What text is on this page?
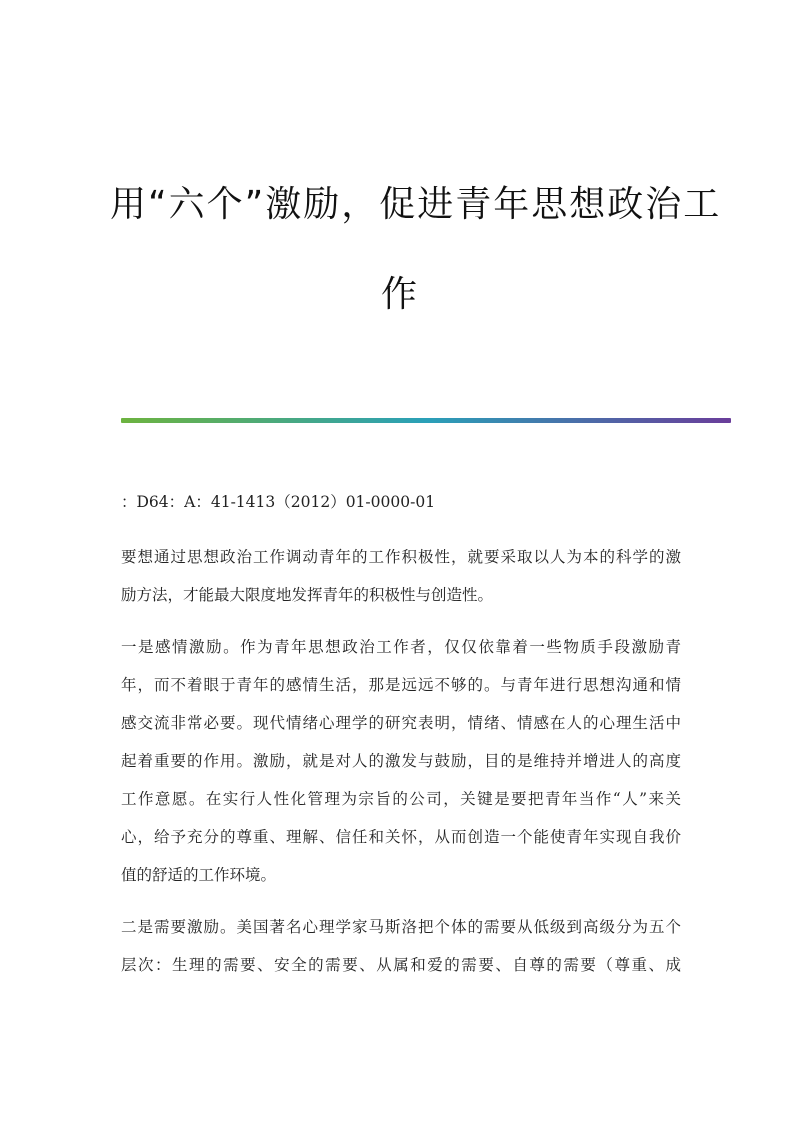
用“六个”激励，促进青年思想政治工
作

：D64：A：41-1413（2012）01-0000-01

要想通过思想政治工作调动青年的工作积极性，就要采取以人为本的科学的激
励方法，才能最大限度地发挥青年的积极性与创造性。
一是感情激励。作为青年思想政治工作者，仅仅依靠着一些物质手段激励青
年，而不着眼于青年的感情生活，那是远远不够的。与青年进行思想沟通和情
感交流非常必要。现代情绪心理学的研究表明，情绪、情感在人的心理生活中
起着重要的作用。激励，就是对人的激发与鼓励，目的是维持并增进人的高度
工作意愿。在实行人性化管理为宗旨的公司，关键是要把青年当作“人”来关
心，给予充分的尊重、理解、信任和关怀，从而创造一个能使青年实现自我价
值的舒适的工作环境。
二是需要激励。美国著名心理学家马斯洛把个体的需要从低级到高级分为五个
层次：生理的需要、安全的需要、从属和爱的需要、自尊的需要（尊重、成
